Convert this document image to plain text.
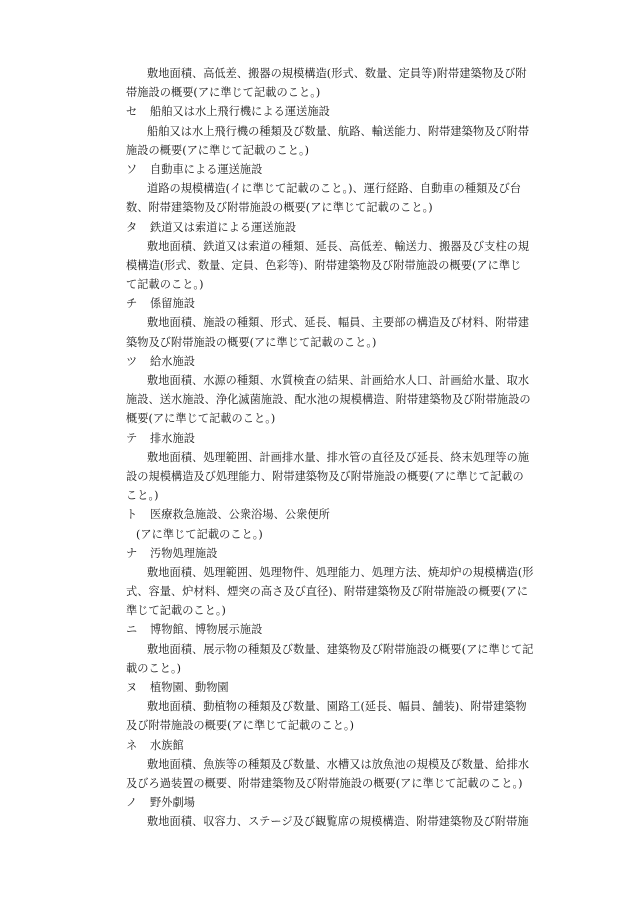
敷地面積、高低差、搬器の規模構造(形式、数量、定員等)附帯建築物及び附
帯施設の概要(アに準じて記載のこと。)
セ	船舶又は水上飛行機による運送施設
船舶又は水上飛行機の種類及び数量、航路、輸送能力、附帯建築物及び附帯
施設の概要(アに準じて記載のこと。)
ソ	自動車による運送施設
道路の規模構造(イに準じて記載のこと。)、運行経路、自動車の種類及び台
数、附帯建築物及び附帯施設の概要(アに準じて記載のこと。)
タ	鉄道又は索道による運送施設
敷地面積、鉄道又は索道の種類、延長、高低差、輸送力、搬器及び支柱の規
模構造(形式、数量、定員、色彩等)、附帯建築物及び附帯施設の概要(アに準じ
て記載のこと。)
チ	係留施設
敷地面積、施設の種類、形式、延長、幅員、主要部の構造及び材料、附帯建
築物及び附帯施設の概要(アに準じて記載のこと。)
ツ	給水施設
敷地面積、水源の種類、水質検査の結果、計画給水人口、計画給水量、取水
施設、送水施設、浄化滅菌施設、配水池の規模構造、附帯建築物及び附帯施設の
概要(アに準じて記載のこと。)
テ	排水施設
敷地面積、処理範囲、計画排水量、排水管の直径及び延長、終末処理等の施
設の規模構造及び処理能力、附帯建築物及び附帯施設の概要(アに準じて記載の
こと。)
ト	医療救急施設、公衆浴場、公衆便所
(アに準じて記載のこと。)
ナ	汚物処理施設
敷地面積、処理範囲、処理物件、処理能力、処理方法、焼却炉の規模構造(形
式、容量、炉材料、煙突の高さ及び直径)、附帯建築物及び附帯施設の概要(アに
準じて記載のこと。)
ニ	博物館、博物展示施設
敷地面積、展示物の種類及び数量、建築物及び附帯施設の概要(アに準じて記
載のこと。)
ヌ	植物園、動物園
敷地面積、動植物の種類及び数量、園路工(延長、幅員、舗装)、附帯建築物
及び附帯施設の概要(アに準じて記載のこと。)
ネ	水族館
敷地面積、魚族等の種類及び数量、水槽又は放魚池の規模及び数量、給排水
及びろ過装置の概要、附帯建築物及び附帯施設の概要(アに準じて記載のこと。)
ノ	野外劇場
敷地面積、収容力、ステージ及び観覧席の規模構造、附帯建築物及び附帯施
